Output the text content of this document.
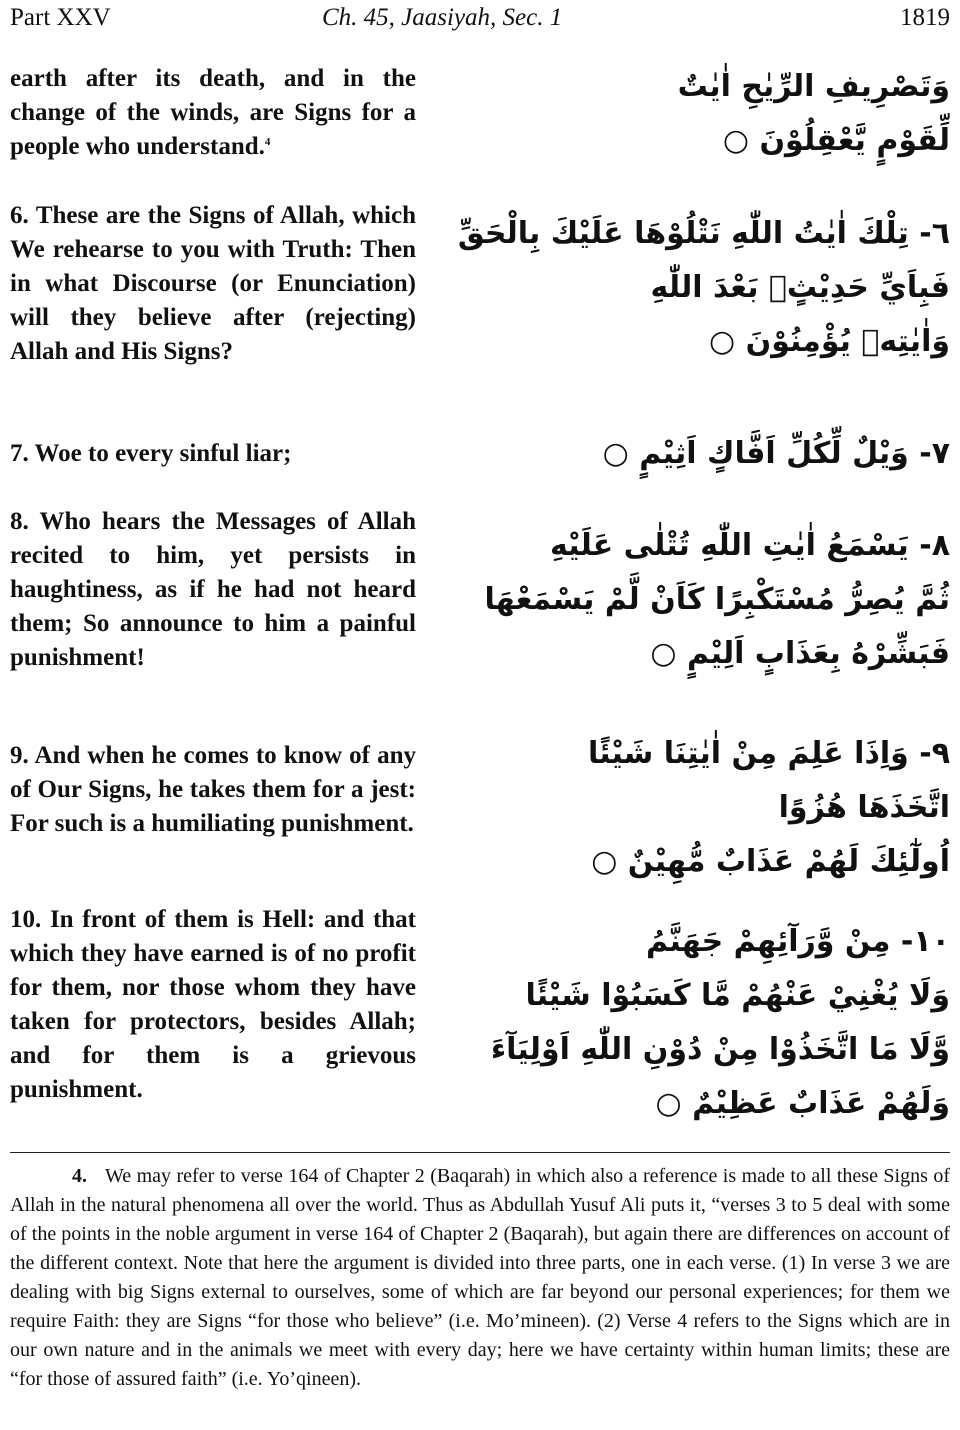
Part XXV	Ch. 45, Jaasiyah, Sec. 1	1819

earth after its death, and in the change of the winds, are Signs for a people who understand.$^4$

وَتَصْرِيفِ الرِّيٰحِ اٰيٰتٌ
لِّقَوْمٍ يَّعْقِلُوْنَ ○

6. These are the Signs of Allah, which We rehearse to you with Truth: Then in what Discourse (or Enunciation) will they believe after (rejecting) Allah and His Signs?

٦- تِلْكَ اٰيٰتُ اللّٰهِ نَتْلُوْهَا عَلَيْكَ بِالْحَقِّ
فَبِاَيِّ حَدِيْثٍۭ بَعْدَ اللّٰهِ
وَاٰيٰتِهٖ يُؤْمِنُوْنَ ○

7. Woe to every sinful liar;	٧- وَيْلٌ لِّكُلِّ اَفَّاكٍ اَثِيْمٍ ○

8. Who hears the Messages of Allah recited to him, yet persists in haughtiness, as if he had not heard them; So announce to him a painful punishment!

٨- يَسْمَعُ اٰيٰتِ اللّٰهِ تُتْلٰى عَلَيْهِ
ثُمَّ يُصِرُّ مُسْتَكْبِرًا كَاَنْ لَّمْ يَسْمَعْهَا
فَبَشِّرْهُ بِعَذَابٍ اَلِيْمٍ ○

9. And when he comes to know of any of Our Signs, he takes them for a jest: For such is a humiliating punishment.

٩- وَاِذَا عَلِمَ مِنْ اٰيٰتِنَا شَيْئًا
اتَّخَذَهَا هُزُوًا
اُولٰٓئِكَ لَهُمْ عَذَابٌ مُّهِيْنٌ ○

10. In front of them is Hell: and that which they have earned is of no profit for them, nor those whom they have taken for protectors, besides Allah; and for them is a grievous punishment.

١٠- مِنْ وَّرَآئِهِمْ جَهَنَّمُ
وَلَا يُغْنِيْ عَنْهُمْ مَّا كَسَبُوْا شَيْئًا
وَّلَا مَا اتَّخَذُوْا مِنْ دُوْنِ اللّٰهِ اَوْلِيَآءَ
وَلَهُمْ عَذَابٌ عَظِيْمٌ ○

4. We may refer to verse 164 of Chapter 2 (Baqarah) in which also a reference is made to all these Signs of Allah in the natural phenomena all over the world. Thus as Abdullah Yusuf Ali puts it, “verses 3 to 5 deal with some of the points in the noble argument in verse 164 of Chapter 2 (Baqarah), but again there are differences on account of the different context. Note that here the argument is divided into three parts, one in each verse. (1) In verse 3 we are dealing with big Signs external to ourselves, some of which are far beyond our personal experiences; for them we require Faith: they are Signs “for those who believe” (i.e. Mo’mineen). (2) Verse 4 refers to the Signs which are in our own nature and in the animals we meet with every day; here we have certainty within human limits; these are “for those of assured faith” (i.e. Yo’qineen).
